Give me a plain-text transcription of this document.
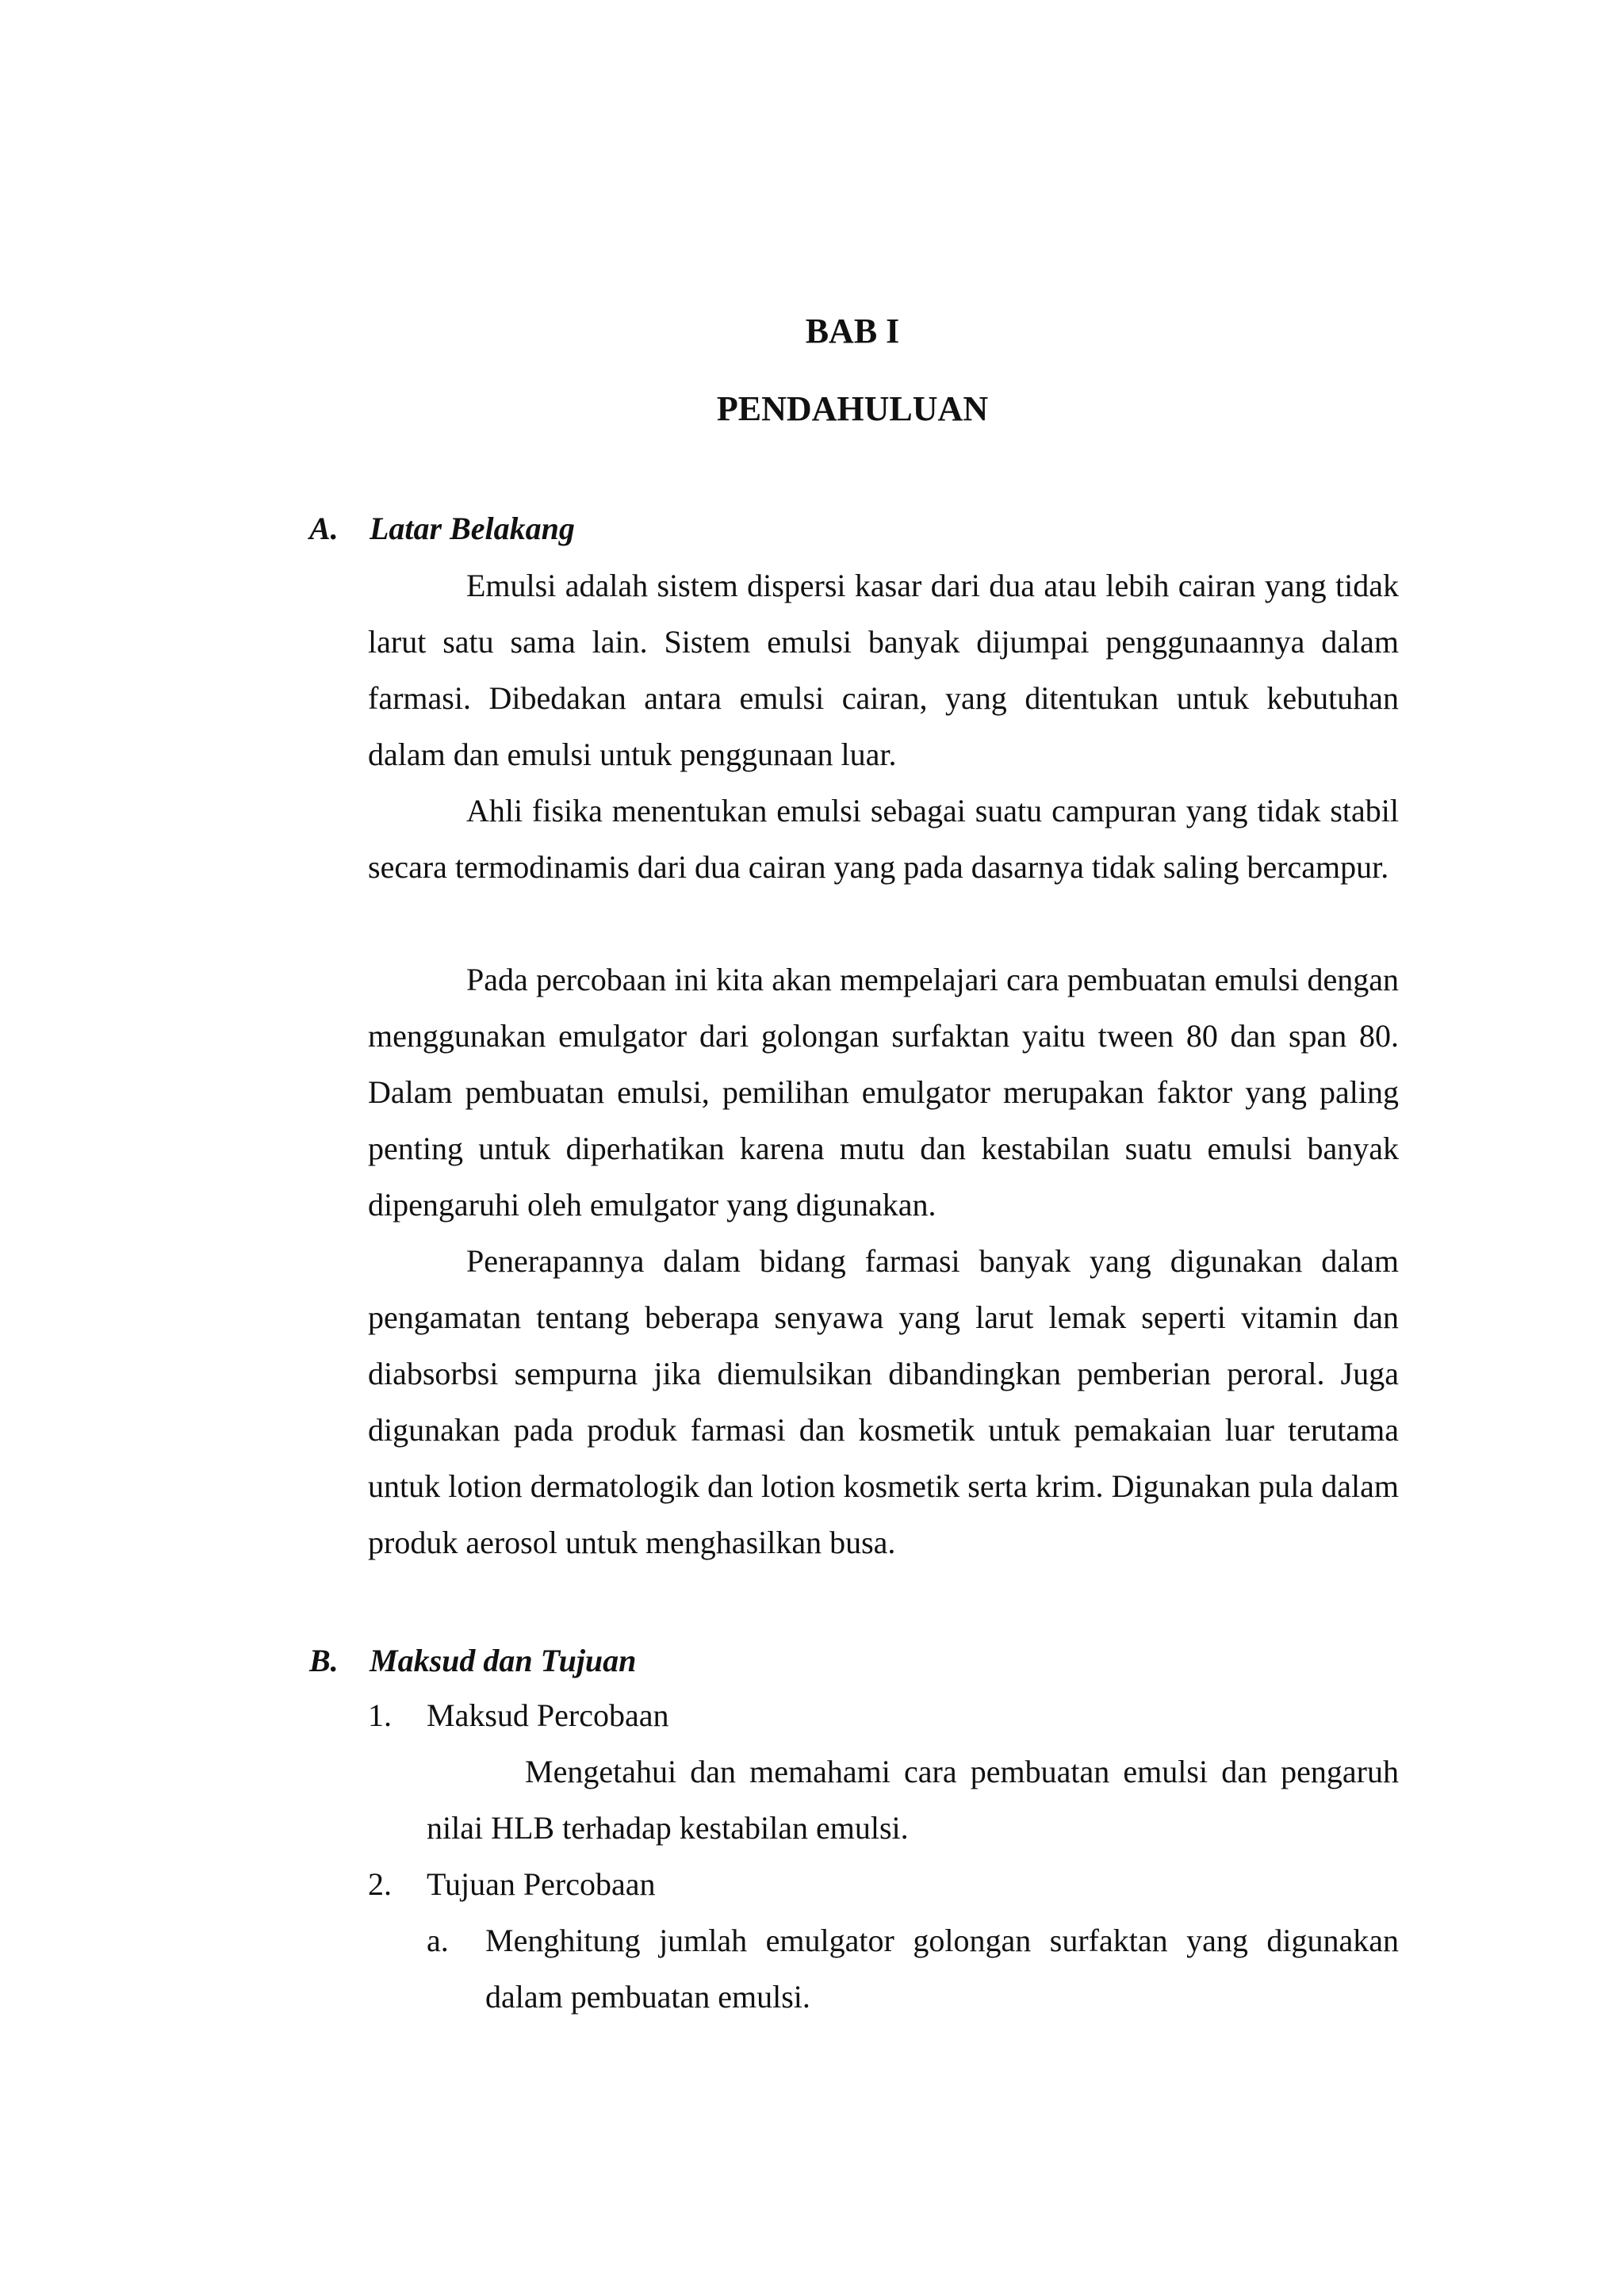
BAB I
PENDAHULUAN
A. Latar Belakang

Emulsi adalah sistem dispersi kasar dari dua atau lebih cairan yang tidak larut satu sama lain. Sistem emulsi banyak dijumpai penggunaannya dalam farmasi. Dibedakan antara emulsi cairan, yang ditentukan untuk kebutuhan dalam dan emulsi untuk penggunaan luar.

Ahli fisika menentukan emulsi sebagai suatu campuran yang tidak stabil secara termodinamis dari dua cairan yang pada dasarnya tidak saling bercampur.

Pada percobaan ini kita akan mempelajari cara pembuatan emulsi dengan menggunakan emulgator dari golongan surfaktan yaitu tween 80 dan span 80. Dalam pembuatan emulsi, pemilihan emulgator merupakan faktor yang paling penting untuk diperhatikan karena mutu dan kestabilan suatu emulsi banyak dipengaruhi oleh emulgator yang digunakan.

Penerapannya dalam bidang farmasi banyak yang digunakan dalam pengamatan tentang beberapa senyawa yang larut lemak seperti vitamin dan diabsorbsi sempurna jika diemulsikan dibandingkan pemberian peroral. Juga digunakan pada produk farmasi dan kosmetik untuk pemakaian luar terutama untuk lotion dermatologik dan lotion kosmetik serta krim. Digunakan pula dalam produk aerosol untuk menghasilkan busa.

B. Maksud dan Tujuan
1. Maksud Percobaan

Mengetahui dan memahami cara pembuatan emulsi dan pengaruh nilai HLB terhadap kestabilan emulsi.

2. Tujuan Percobaan
a. Menghitung jumlah emulgator golongan surfaktan yang digunakan dalam pembuatan emulsi.
